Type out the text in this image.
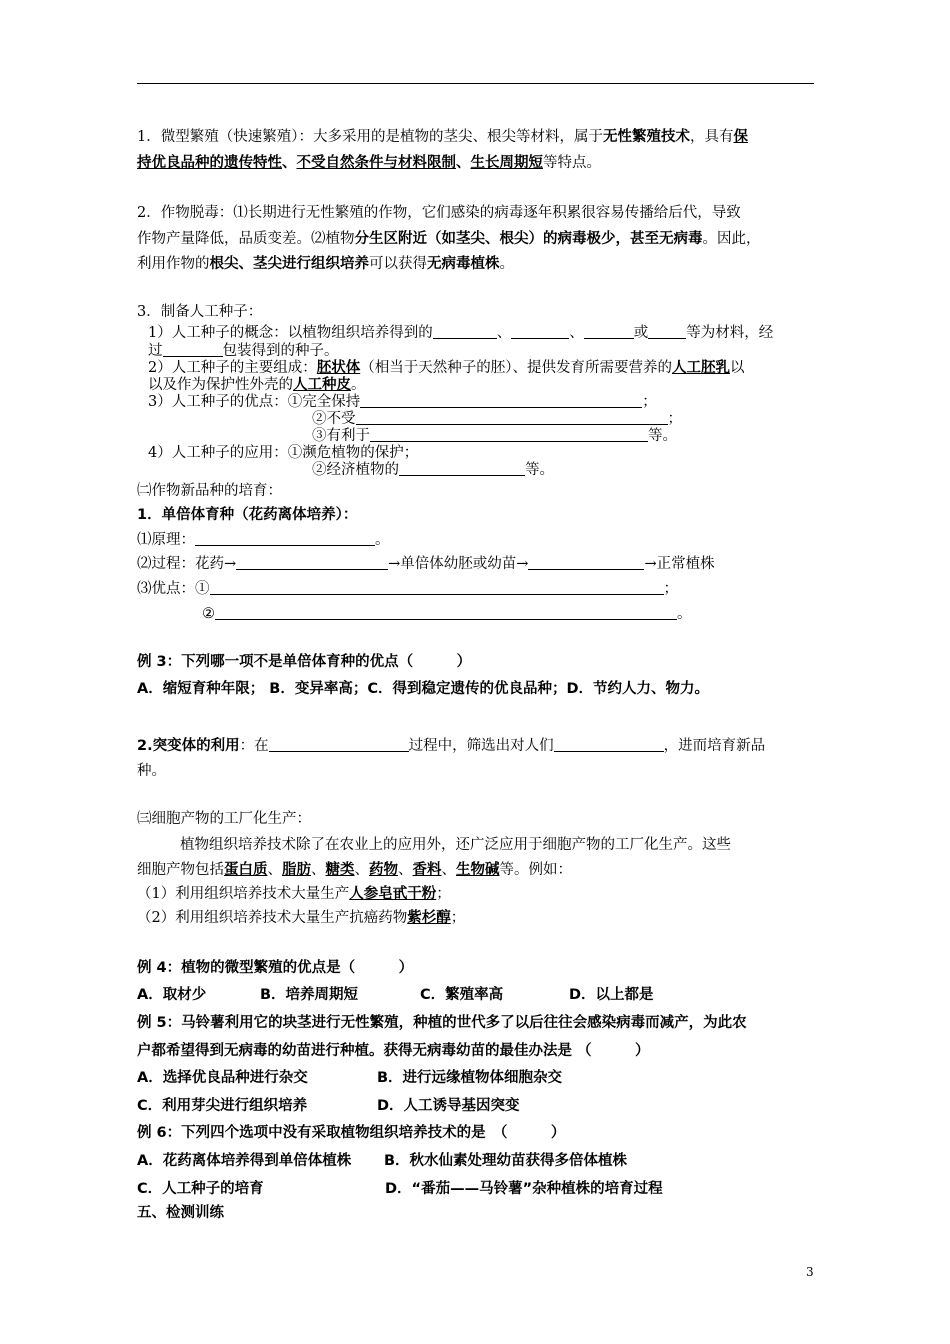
1．微型繁殖（快速繁殖）：大多采用的是植物的茎尖、根尖等材料，属于无性繁殖技术，具有保
持优良品种的遗传特性、不受自然条件与材料限制、生长周期短等特点。
2．作物脱毒：⑴长期进行无性繁殖的作物，它们感染的病毒逐年积累很容易传播给后代，导致
作物产量降低，品质变差。⑵植物分生区附近（如茎尖、根尖）的病毒极少，甚至无病毒。因此，
利用作物的根尖、茎尖进行组织培养可以获得无病毒植株。
3．制备人工种子：
1）人工种子的概念：以植物组织培养得到的	、	、	或	等为材料，经
过	包装得到的种子。
2）人工种子的主要组成：胚状体（相当于天然种子的胚）、提供发育所需要营养的人工胚乳以
以及作为保护性外壳的人工种皮。
3）人工种子的优点：①完全保持	；
②不受	；
③有利于	等。
4）人工种子的应用：①濒危植物的保护；
②经济植物的	等。
㈡作物新品种的培育：
1．单倍体育种（花药离体培养）：
⑴原理：	。
⑵过程：花药→	→单倍体幼胚或幼苗→	→正常植株
⑶优点：①	；
②	。
例 3：下列哪一项不是单倍体育种的优点（　　　）
A．缩短育种年限； B．变异率高；C．得到稳定遗传的优良品种；D．节约人力、物力。
2.突变体的利用：在	过程中，筛选出对人们	，进而培育新品
种。
㈢细胞产物的工厂化生产：
植物组织培养技术除了在农业上的应用外，还广泛应用于细胞产物的工厂化生产。这些
细胞产物包括蛋白质、脂肪、糖类、药物、香料、生物碱等。例如：
（1）利用组织培养技术大量生产人参皂甙干粉；
（2）利用组织培养技术大量生产抗癌药物紫杉醇；
例 4：植物的微型繁殖的优点是（　　　）
A．取材少	B．培养周期短	C．繁殖率高	D．以上都是
例 5：马铃薯利用它的块茎进行无性繁殖，种植的世代多了以后往往会感染病毒而减产，为此农
户都希望得到无病毒的幼苗进行种植。获得无病毒幼苗的最佳办法是 （　　　）
A．选择优良品种进行杂交	B．进行远缘植物体细胞杂交
C．利用芽尖进行组织培养	D．人工诱导基因突变
例 6：下列四个选项中没有采取植物组织培养技术的是　（　　　）
A．花药离体培养得到单倍体植株 B．秋水仙素处理幼苗获得多倍体植株
C．人工种子的培育	D．“番茄——马铃薯”杂种植株的培育过程
五、检测训练
3
